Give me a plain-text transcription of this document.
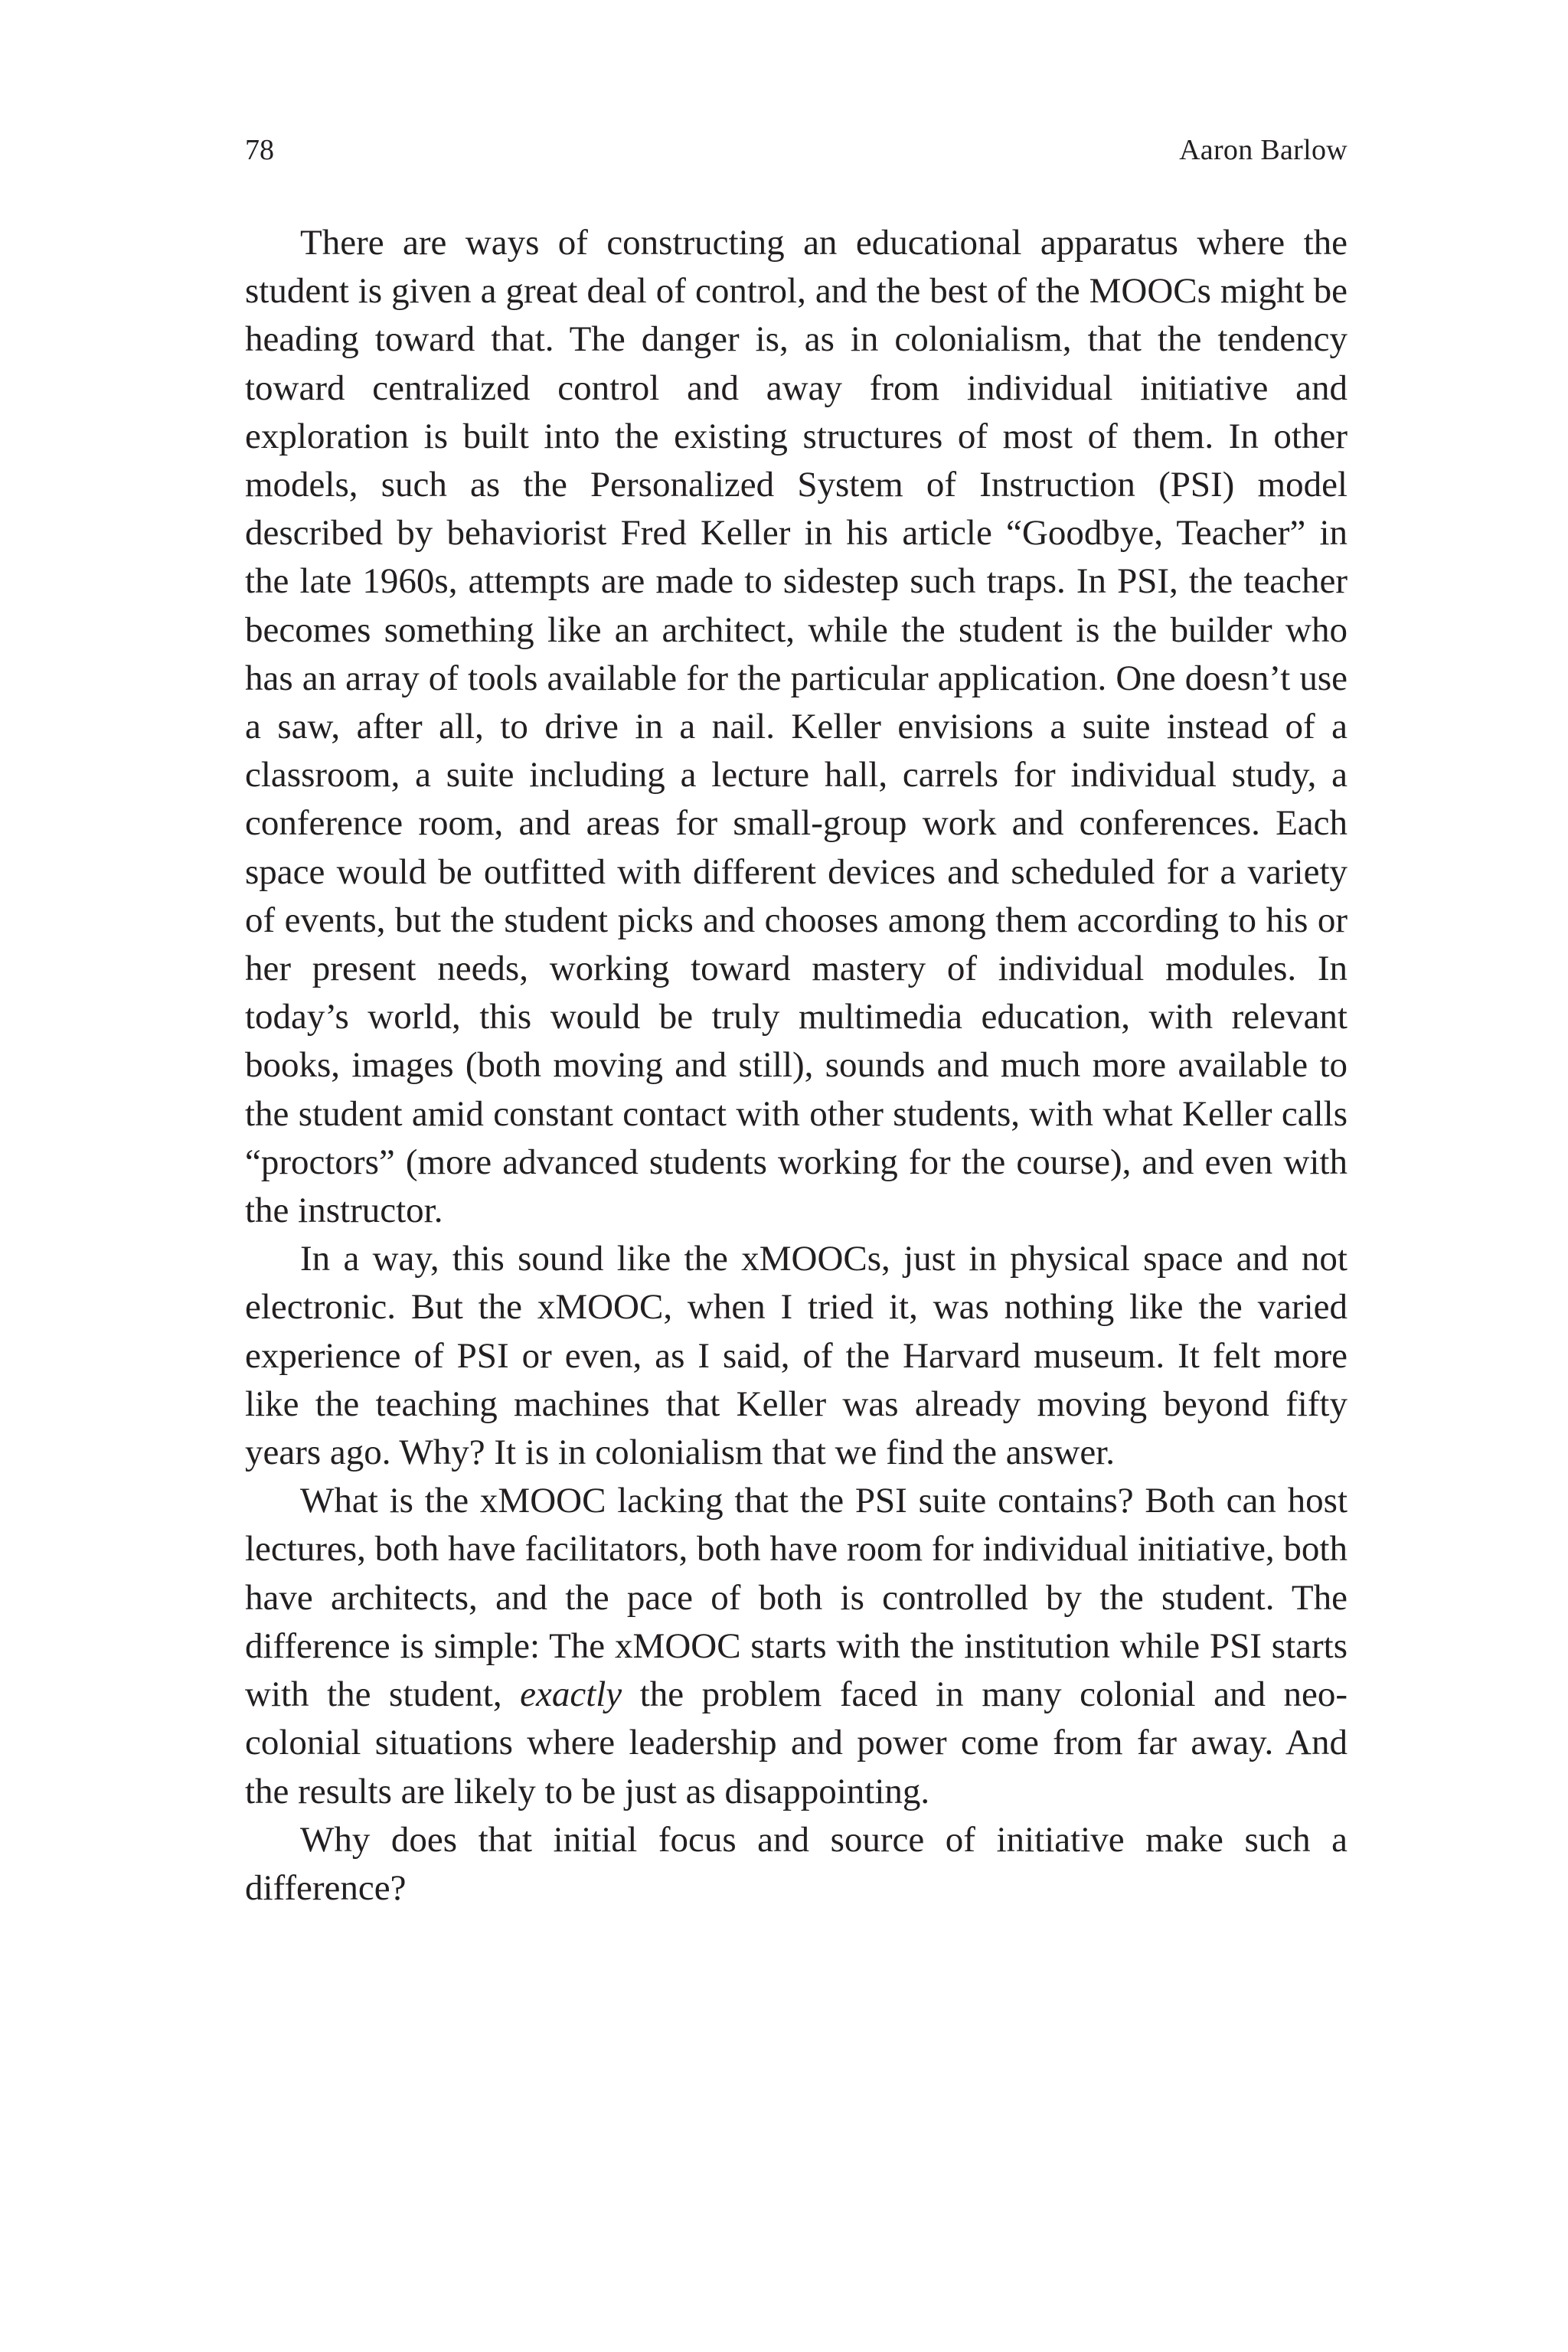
78	Aaron Barlow

There are ways of constructing an educational apparatus where the student is given a great deal of control, and the best of the MOOCs might be heading toward that. The danger is, as in colonialism, that the tendency toward centralized control and away from individual initiative and exploration is built into the existing structures of most of them. In other models, such as the Personalized System of Instruction (PSI) model described by behaviorist Fred Keller in his article “Goodbye, Teacher” in the late 1960s, attempts are made to sidestep such traps. In PSI, the teacher becomes something like an architect, while the student is the builder who has an array of tools available for the particular application. One doesn’t use a saw, after all, to drive in a nail. Keller envisions a suite instead of a classroom, a suite including a lecture hall, carrels for individual study, a conference room, and areas for small-group work and conferences. Each space would be outfitted with different devices and scheduled for a variety of events, but the student picks and chooses among them according to his or her present needs, working toward mastery of individual modules. In today’s world, this would be truly multimedia education, with relevant books, images (both moving and still), sounds and much more available to the student amid constant contact with other students, with what Keller calls “proctors” (more advanced students working for the course), and even with the instructor.

In a way, this sound like the xMOOCs, just in physical space and not electronic. But the xMOOC, when I tried it, was nothing like the varied experience of PSI or even, as I said, of the Harvard museum. It felt more like the teaching machines that Keller was already moving beyond fifty years ago. Why? It is in colonialism that we find the answer.

What is the xMOOC lacking that the PSI suite contains? Both can host lectures, both have facilitators, both have room for individual initiative, both have architects, and the pace of both is controlled by the student. The difference is simple: The xMOOC starts with the institution while PSI starts with the student, exactly the problem faced in many colonial and neo-colonial situations where leadership and power come from far away. And the results are likely to be just as disappointing.

Why does that initial focus and source of initiative make such a difference?
